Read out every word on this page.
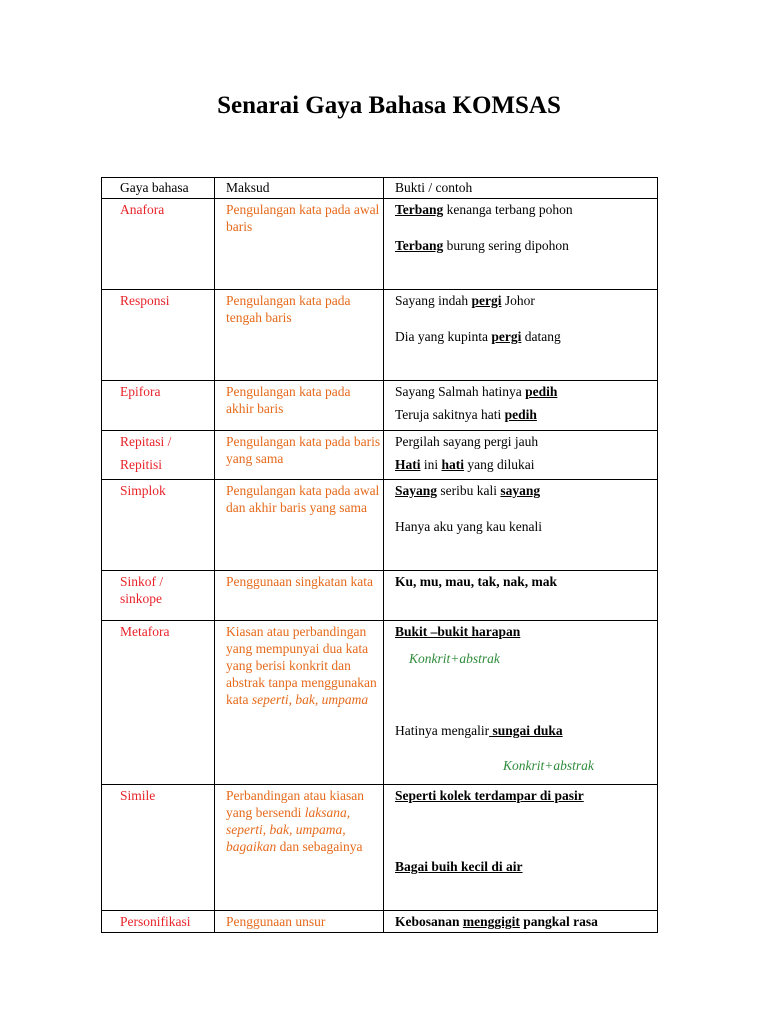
Senarai Gaya Bahasa KOMSAS
Gaya bahasa	Maksud	Bukti / contoh
Anafora	Pengulangan kata pada awal baris	Terbang kenanga terbang pohon
Terbang burung sering dipohon

Responsi	Pengulangan kata pada tengah baris	Sayang indah pergi Johor
Dia yang kupinta pergi datang

Epifora	Pengulangan kata pada akhir baris	Sayang Salmah hatinya pedih
Teruja sakitnya hati pedih

Repitasi /
Repitisi	Pengulangan kata pada baris yang sama	Pergilah sayang pergi jauh
Hati ini hati yang dilukai

Simplok	Pengulangan kata pada awal dan akhir baris yang sama	Sayang seribu kali sayang
Hanya aku yang kau kenali

Sinkof /
sinkope	Penggunaan singkatan kata	Ku, mu, mau, tak, nak, mak
Metafora	Kiasan atau perbandingan yang mempunyai dua kata yang berisi konkrit dan abstrak tanpa menggunakan kata seperti, bak, umpama	Bukit –bukit harapan
Konkrit+abstrak
Hatinya mengalir sungai duka
Konkrit+abstrak

Simile	Perbandingan atau kiasan yang bersendi laksana, seperti, bak, umpama, bagaikan dan sebagainya	Seperti kolek terdampar di pasir
Bagai buih kecil di air

Personifikasi	Penggunaan unsur	Kebosanan menggigit pangkal rasa
